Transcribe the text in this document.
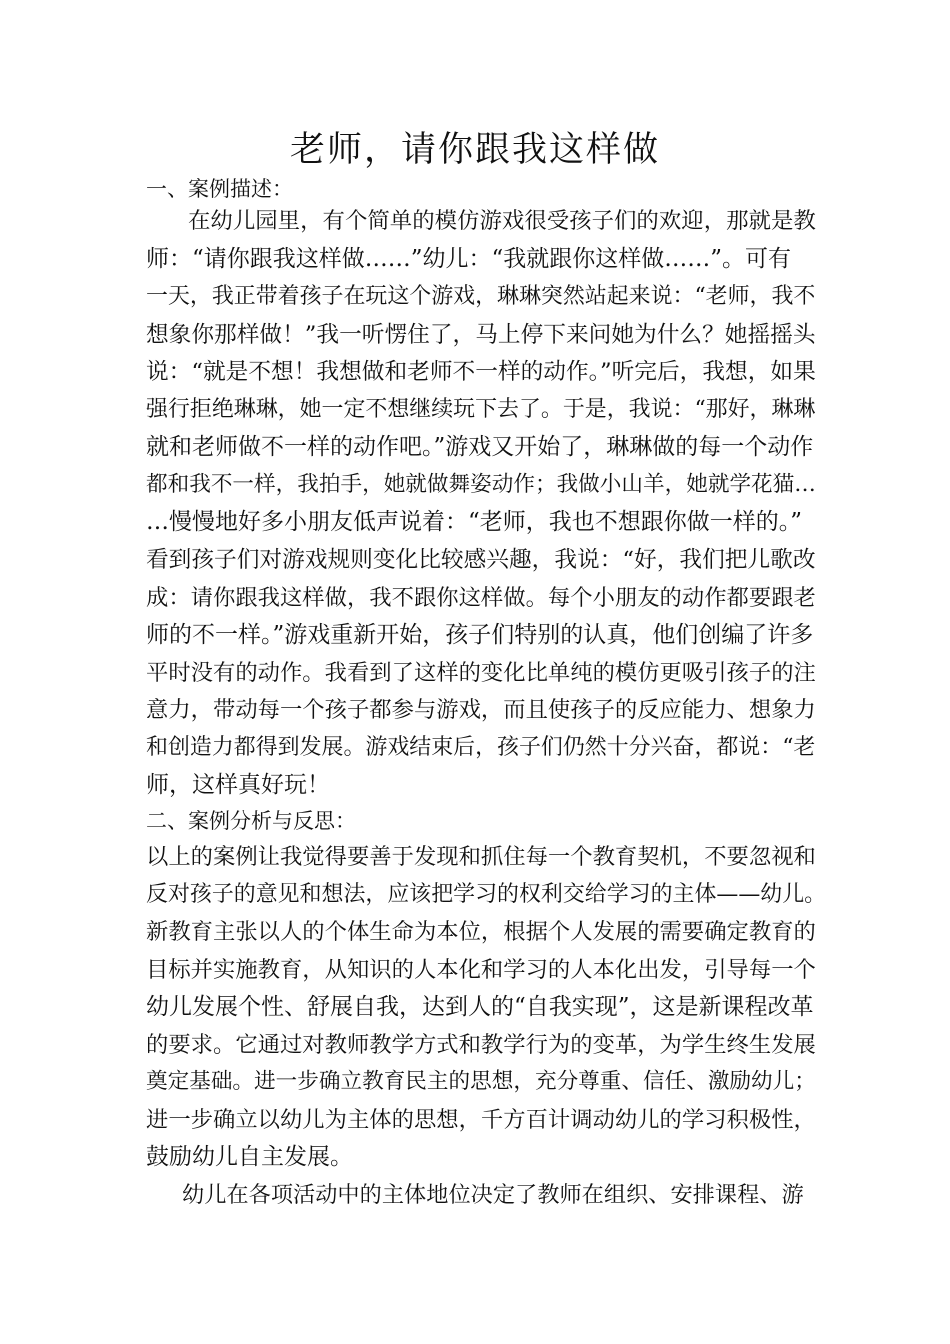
老师，请你跟我这样做
一、案例描述：
在幼儿园里，有个简单的模仿游戏很受孩子们的欢迎，那就是教
师：“请你跟我这样做……”幼儿：“我就跟你这样做……”。可有
一天，我正带着孩子在玩这个游戏，琳琳突然站起来说：“老师，我不
想象你那样做！”我一听愣住了，马上停下来问她为什么？她摇摇头
说：“就是不想！我想做和老师不一样的动作。”听完后，我想，如果
强行拒绝琳琳，她一定不想继续玩下去了。于是，我说：“那好，琳琳
就和老师做不一样的动作吧。”游戏又开始了，琳琳做的每一个动作
都和我不一样，我拍手，她就做舞姿动作；我做小山羊，她就学花猫…
…慢慢地好多小朋友低声说着：“老师，我也不想跟你做一样的。”
看到孩子们对游戏规则变化比较感兴趣，我说：“好，我们把儿歌改
成：请你跟我这样做，我不跟你这样做。每个小朋友的动作都要跟老
师的不一样。”游戏重新开始，孩子们特别的认真，他们创编了许多
平时没有的动作。我看到了这样的变化比单纯的模仿更吸引孩子的注
意力，带动每一个孩子都参与游戏，而且使孩子的反应能力、想象力
和创造力都得到发展。游戏结束后，孩子们仍然十分兴奋，都说：“老
师，这样真好玩！
二、案例分析与反思：
以上的案例让我觉得要善于发现和抓住每一个教育契机，不要忽视和
反对孩子的意见和想法，应该把学习的权利交给学习的主体——幼儿。
新教育主张以人的个体生命为本位，根据个人发展的需要确定教育的
目标并实施教育，从知识的人本化和学习的人本化出发，引导每一个
幼儿发展个性、舒展自我，达到人的“自我实现”，这是新课程改革
的要求。它通过对教师教学方式和教学行为的变革，为学生终生发展
奠定基础。进一步确立教育民主的思想，充分尊重、信任、激励幼儿；
进一步确立以幼儿为主体的思想，千方百计调动幼儿的学习积极性，
鼓励幼儿自主发展。
幼儿在各项活动中的主体地位决定了教师在组织、安排课程、游
